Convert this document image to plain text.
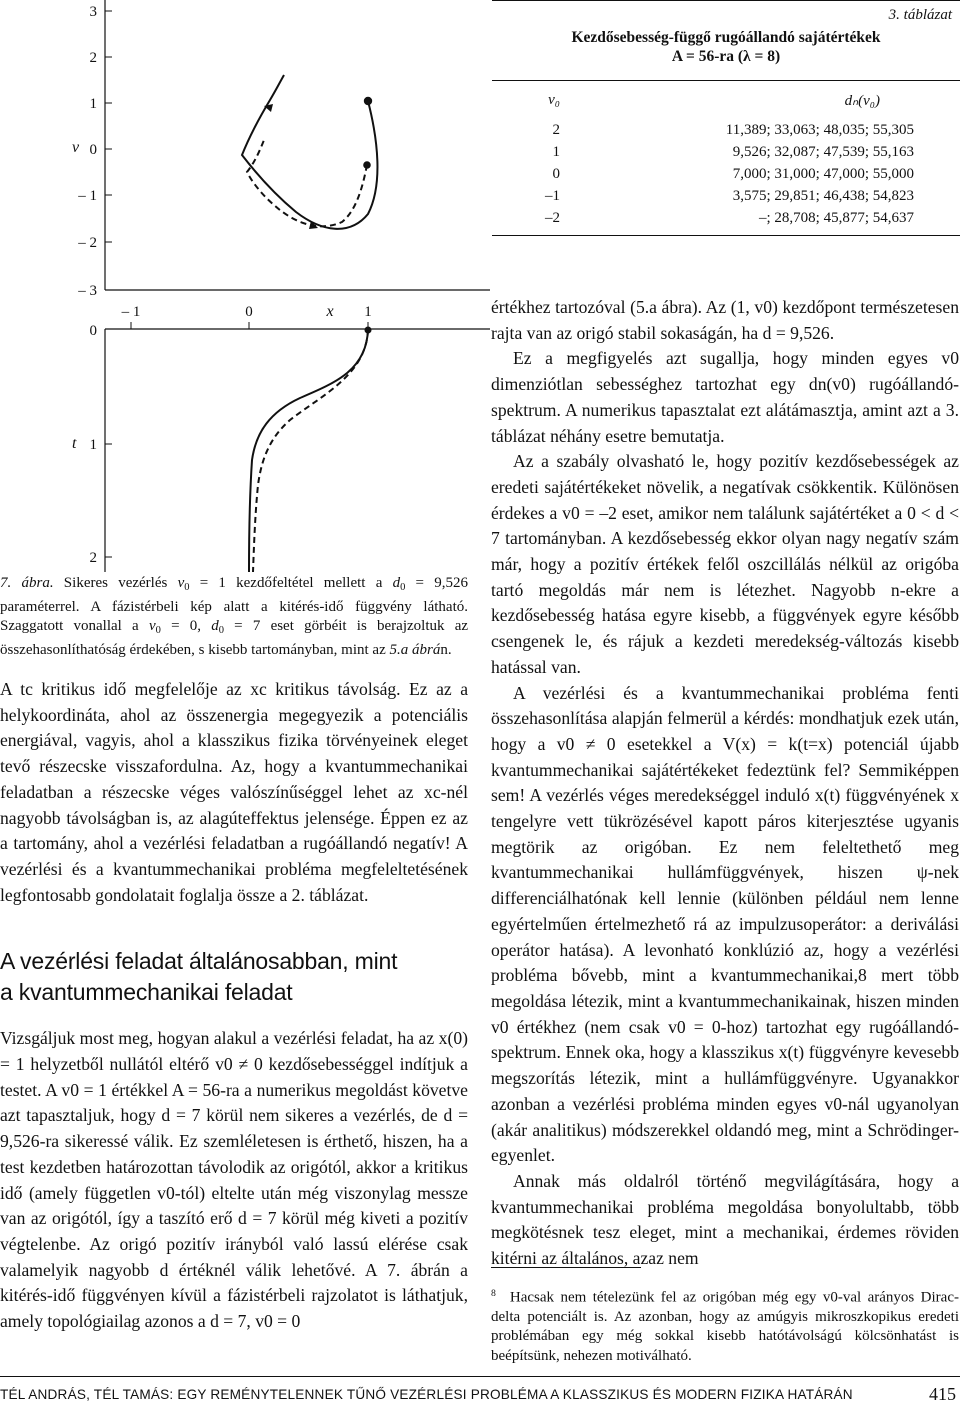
3
2
1
0
– 1
– 2
– 3
v
– 1	0	x 1
0
1
2
t
3. táblázat
Kezdősebesség-függő rugóállandó sajátértékek
A = 56-ra (λ = 8)
v₀	dₙ(v₀)

2	11,389; 33,063; 48,035; 55,305
1	9,526; 32,087; 47,539; 55,163
0	7,000; 31,000; 47,000; 55,000
–1	3,575; 29,851; 46,438; 54,823
–2	–; 28,708; 45,877; 54,637
7. ábra. Sikeres vezérlés $v_0 = 1$ kezdőfeltétel mellett a $d_0 = 9,526$ paraméterrel. A fázistérbeli kép alatt a kitérés-idő függvény látható. Szaggatott vonallal a $v_0 = 0$, $d_0 = 7$ eset görbéit is berajzoltuk az összehasonlíthatóság érdekében, s kisebb tartományban, mint az 5.a ábrán.

A tc kritikus idő megfelelője az xc kritikus távolság. Ez az a helykoordináta, ahol az összenergia megegyezik a potenciális energiával, vagyis, ahol a klasszikus fizika törvényeinek eleget tevő részecske visszafordulna. Az, hogy a kvantummechanikai feladatban a részecske véges valószínűséggel lehet az xc-nél nagyobb távolságban is, az alagúteffektus jelensége. Éppen ez az a tartomány, ahol a vezérlési feladatban a rugóállandó negatív! A vezérlési és a kvantummechanikai probléma megfeleltetésének legfontosabb gondolatait foglalja össze a 2. táblázat.

A vezérlési feladat általánosabban, mint
a kvantummechanikai feladat

Vizsgáljuk most meg, hogyan alakul a vezérlési feladat, ha az x(0) = 1 helyzetből nullától eltérő v0 ≠ 0 kezdősebességgel indítjuk a testet. A v0 = 1 értékkel A = 56-ra a numerikus megoldást követve azt tapasztaljuk, hogy d = 7 körül nem sikeres a vezérlés, de d = 9,526-ra sikeressé válik. Ez szemléletesen is érthető, hiszen, ha a test kezdetben határozottan távolodik az origótól, akkor a kritikus idő (amely független v0-tól) eltelte után még viszonylag messze van az origótól, így a taszító erő d = 7 körül még kiveti a pozitív végtelenbe. Az origó pozitív irányból való lassú elérése csak valamelyik nagyobb d értéknél válik lehetővé. A 7. ábrán a kitérés-idő függvényen kívül a fázistérbeli rajzolatot is láthatjuk, amely topológiailag azonos a d = 7, v0 = 0

értékhez tartozóval (5.a ábra). Az (1, v0) kezdőpont természetesen rajta van az origó stabil sokaságán, ha d = 9,526.

Ez a megfigyelés azt sugallja, hogy minden egyes v0 dimenziótlan sebességhez tartozhat egy dn(v0) rugóállandó-spektrum. A numerikus tapasztalat ezt alátámasztja, amint azt a 3. táblázat néhány esetre bemutatja.

Az a szabály olvasható le, hogy pozitív kezdősebességek az eredeti sajátértékeket növelik, a negatívak csökkentik. Különösen érdekes a v0 = –2 eset, amikor nem találunk sajátértéket a 0 < d < 7 tartományban. A kezdősebesség ekkor olyan nagy negatív szám már, hogy a pozitív értékek felől oszcillálás nélkül az origóba tartó megoldás már nem is létezhet. Nagyobb n-ekre a kezdősebesség hatása egyre kisebb, a függvények egyre később csengenek le, és rájuk a kezdeti meredekség-változás kisebb hatással van.

A vezérlési és a kvantummechanikai probléma fenti összehasonlítása alapján felmerül a kérdés: mondhatjuk ezek után, hogy a v0 ≠ 0 esetekkel a V(x) = k(t=x) potenciál újabb kvantummechanikai sajátértékeket fedeztünk fel? Semmiképpen sem! A vezérlés véges meredekséggel induló x(t) függvényének x tengelyre vett tükrözésével kapott páros kiterjesztése ugyanis megtörik az origóban. Ez nem feleltethető meg kvantummechanikai hullámfüggvények, hiszen ψ-nek differenciálhatónak kell lennie (különben például nem lenne egyértelműen értelmezhető rá az impulzusoperátor: a deriválási operátor hatása). A levonható konklúzió az, hogy a vezérlési probléma bővebb, mint a kvantummechanikai,8 mert több megoldása létezik, mint a kvantummechanikainak, hiszen minden v0 értékhez (nem csak v0 = 0-hoz) tartozhat egy rugóállandó-spektrum. Ennek oka, hogy a klasszikus x(t) függvényre kevesebb megszorítás létezik, mint a hullámfüggvényre. Ugyanakkor azonban a vezérlési probléma minden egyes v0-nál ugyanolyan (akár analitikus) módszerekkel oldandó meg, mint a Schrödinger-egyenlet.

Annak más oldalról történő megvilágítására, hogy a kvantummechanikai probléma megoldása bonyolultabb, több megkötésnek tesz eleget, mint a mechanikai, érdemes röviden kitérni az általános, azaz nem

$^8$ Hacsak nem tételezünk fel az origóban még egy v0-val arányos Dirac-delta potenciált is. Az azonban, hogy az amúgyis mikroszkopikus eredeti problémában egy még sokkal kisebb hatótávolságú kölcsönhatást is beépítsünk, nehezen motiválható.
TÉL ANDRÁS, TÉL TAMÁS: EGY REMÉNYTELENNEK TŰNŐ VEZÉRLÉSI PROBLÉMA A KLASSZIKUS ÉS MODERN FIZIKA HATÁRÁN	415
